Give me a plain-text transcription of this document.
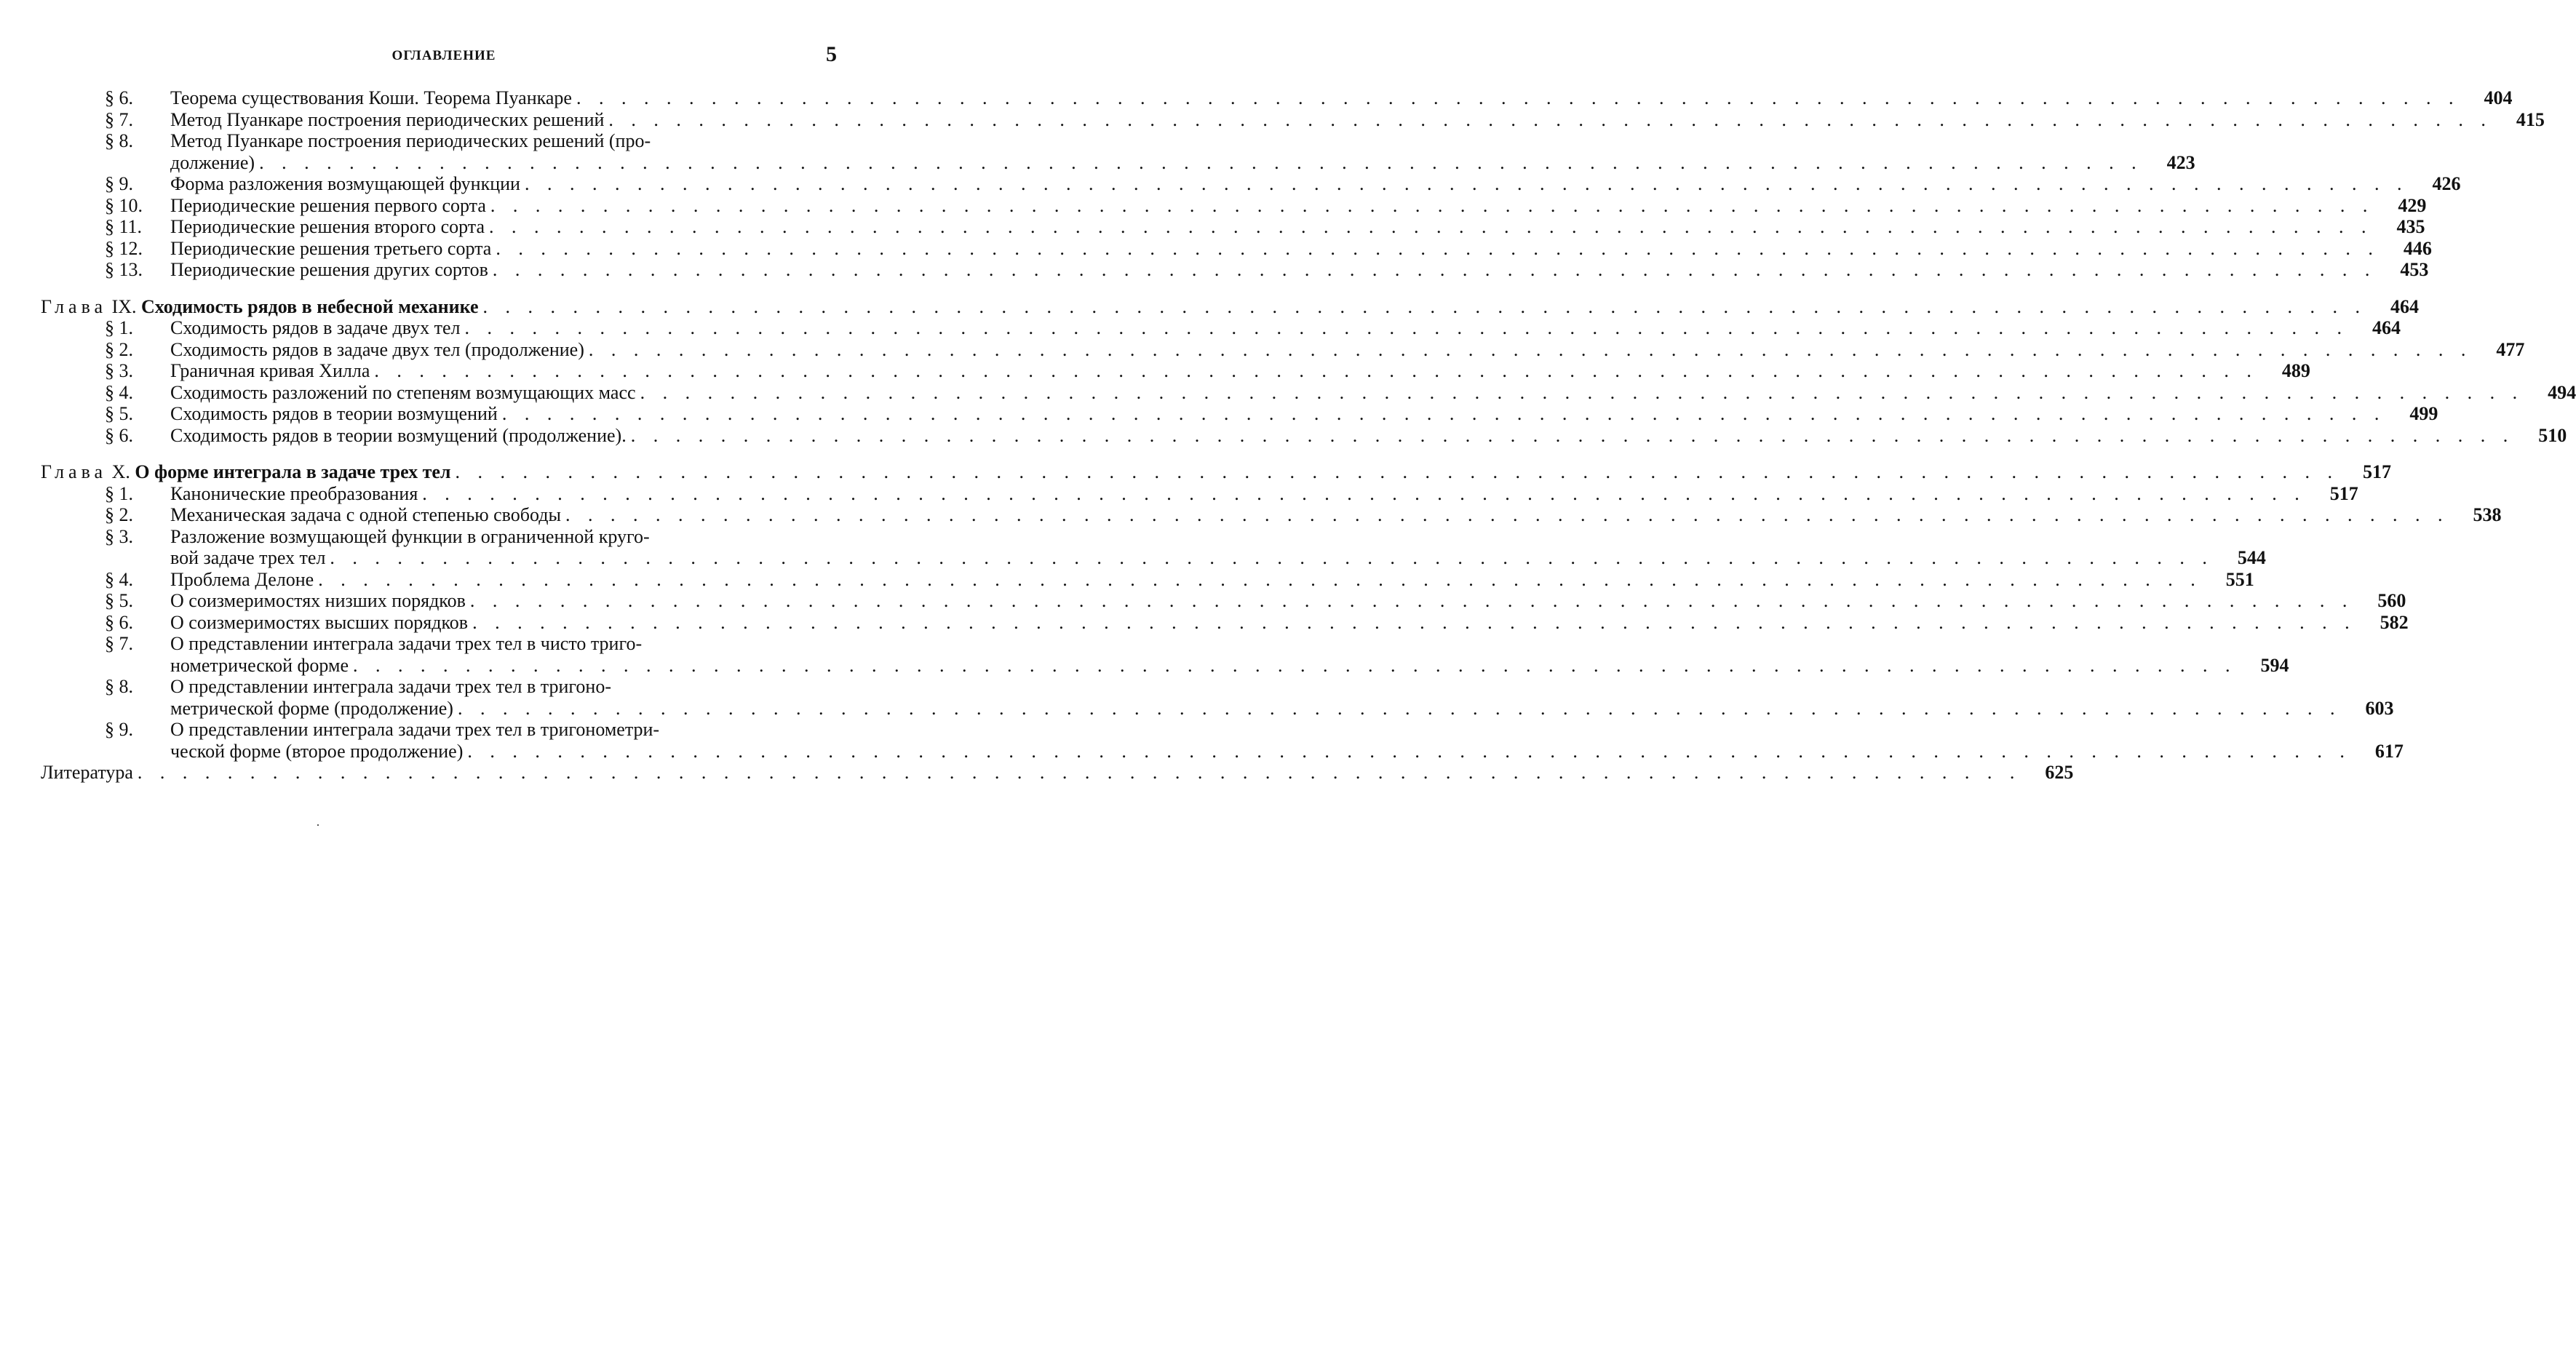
ОГЛАВЛЕНИЕ	5
§ 6.	Теорема существования Коши. Теорема Пуанкаре . . .	404
§ 7.	Метод Пуанкаре построения периодических решений . . .	415
§ 8.	Метод Пуанкаре построения периодических решений (про-
должение) . . .	423
§ 9.	Форма разложения возмущающей функции . . .	426
§ 10.	Периодические решения первого сорта . . .	429
§ 11.	Периодические решения второго сорта . . .	435
§ 12.	Периодические решения третьего сорта . . .	446
§ 13.	Периодические решения других сортов . . .	453
Глава IX. Сходимость рядов в небесной механике . . .	464
§ 1.	Сходимость рядов в задаче двух тел . . .	464
§ 2.	Сходимость рядов в задаче двух тел (продолжение) . . .	477
§ 3.	Граничная кривая Хилла . . .	489
§ 4.	Сходимость разложений по степеням возмущающих масс . . .	494
§ 5.	Сходимость рядов в теории возмущений . . .	499
§ 6.	Сходимость рядов в теории возмущений (продолжение). . . .	510
Глава X. О форме интеграла в задаче трех тел . . .	517
§ 1.	Канонические преобразования . . .	517
§ 2.	Механическая задача с одной степенью свободы . . .	538
§ 3.	Разложение возмущающей функции в ограниченной круго-
вой задаче трех тел . . .	544
§ 4.	Проблема Делоне . . .	551
§ 5.	О соизмеримостях низших порядков . . .	560
§ 6.	О соизмеримостях высших порядков . . .	582
§ 7.	О представлении интеграла задачи трех тел в чисто триго-
нометрической форме . . .	594
§ 8.	О представлении интеграла задачи трех тел в тригоно-
метрической форме (продолжение) . . .	603
§ 9.	О представлении интеграла задачи трех тел в тригонометри-
ческой форме (второе продолжение) . . .	617
Литература . . .	625
